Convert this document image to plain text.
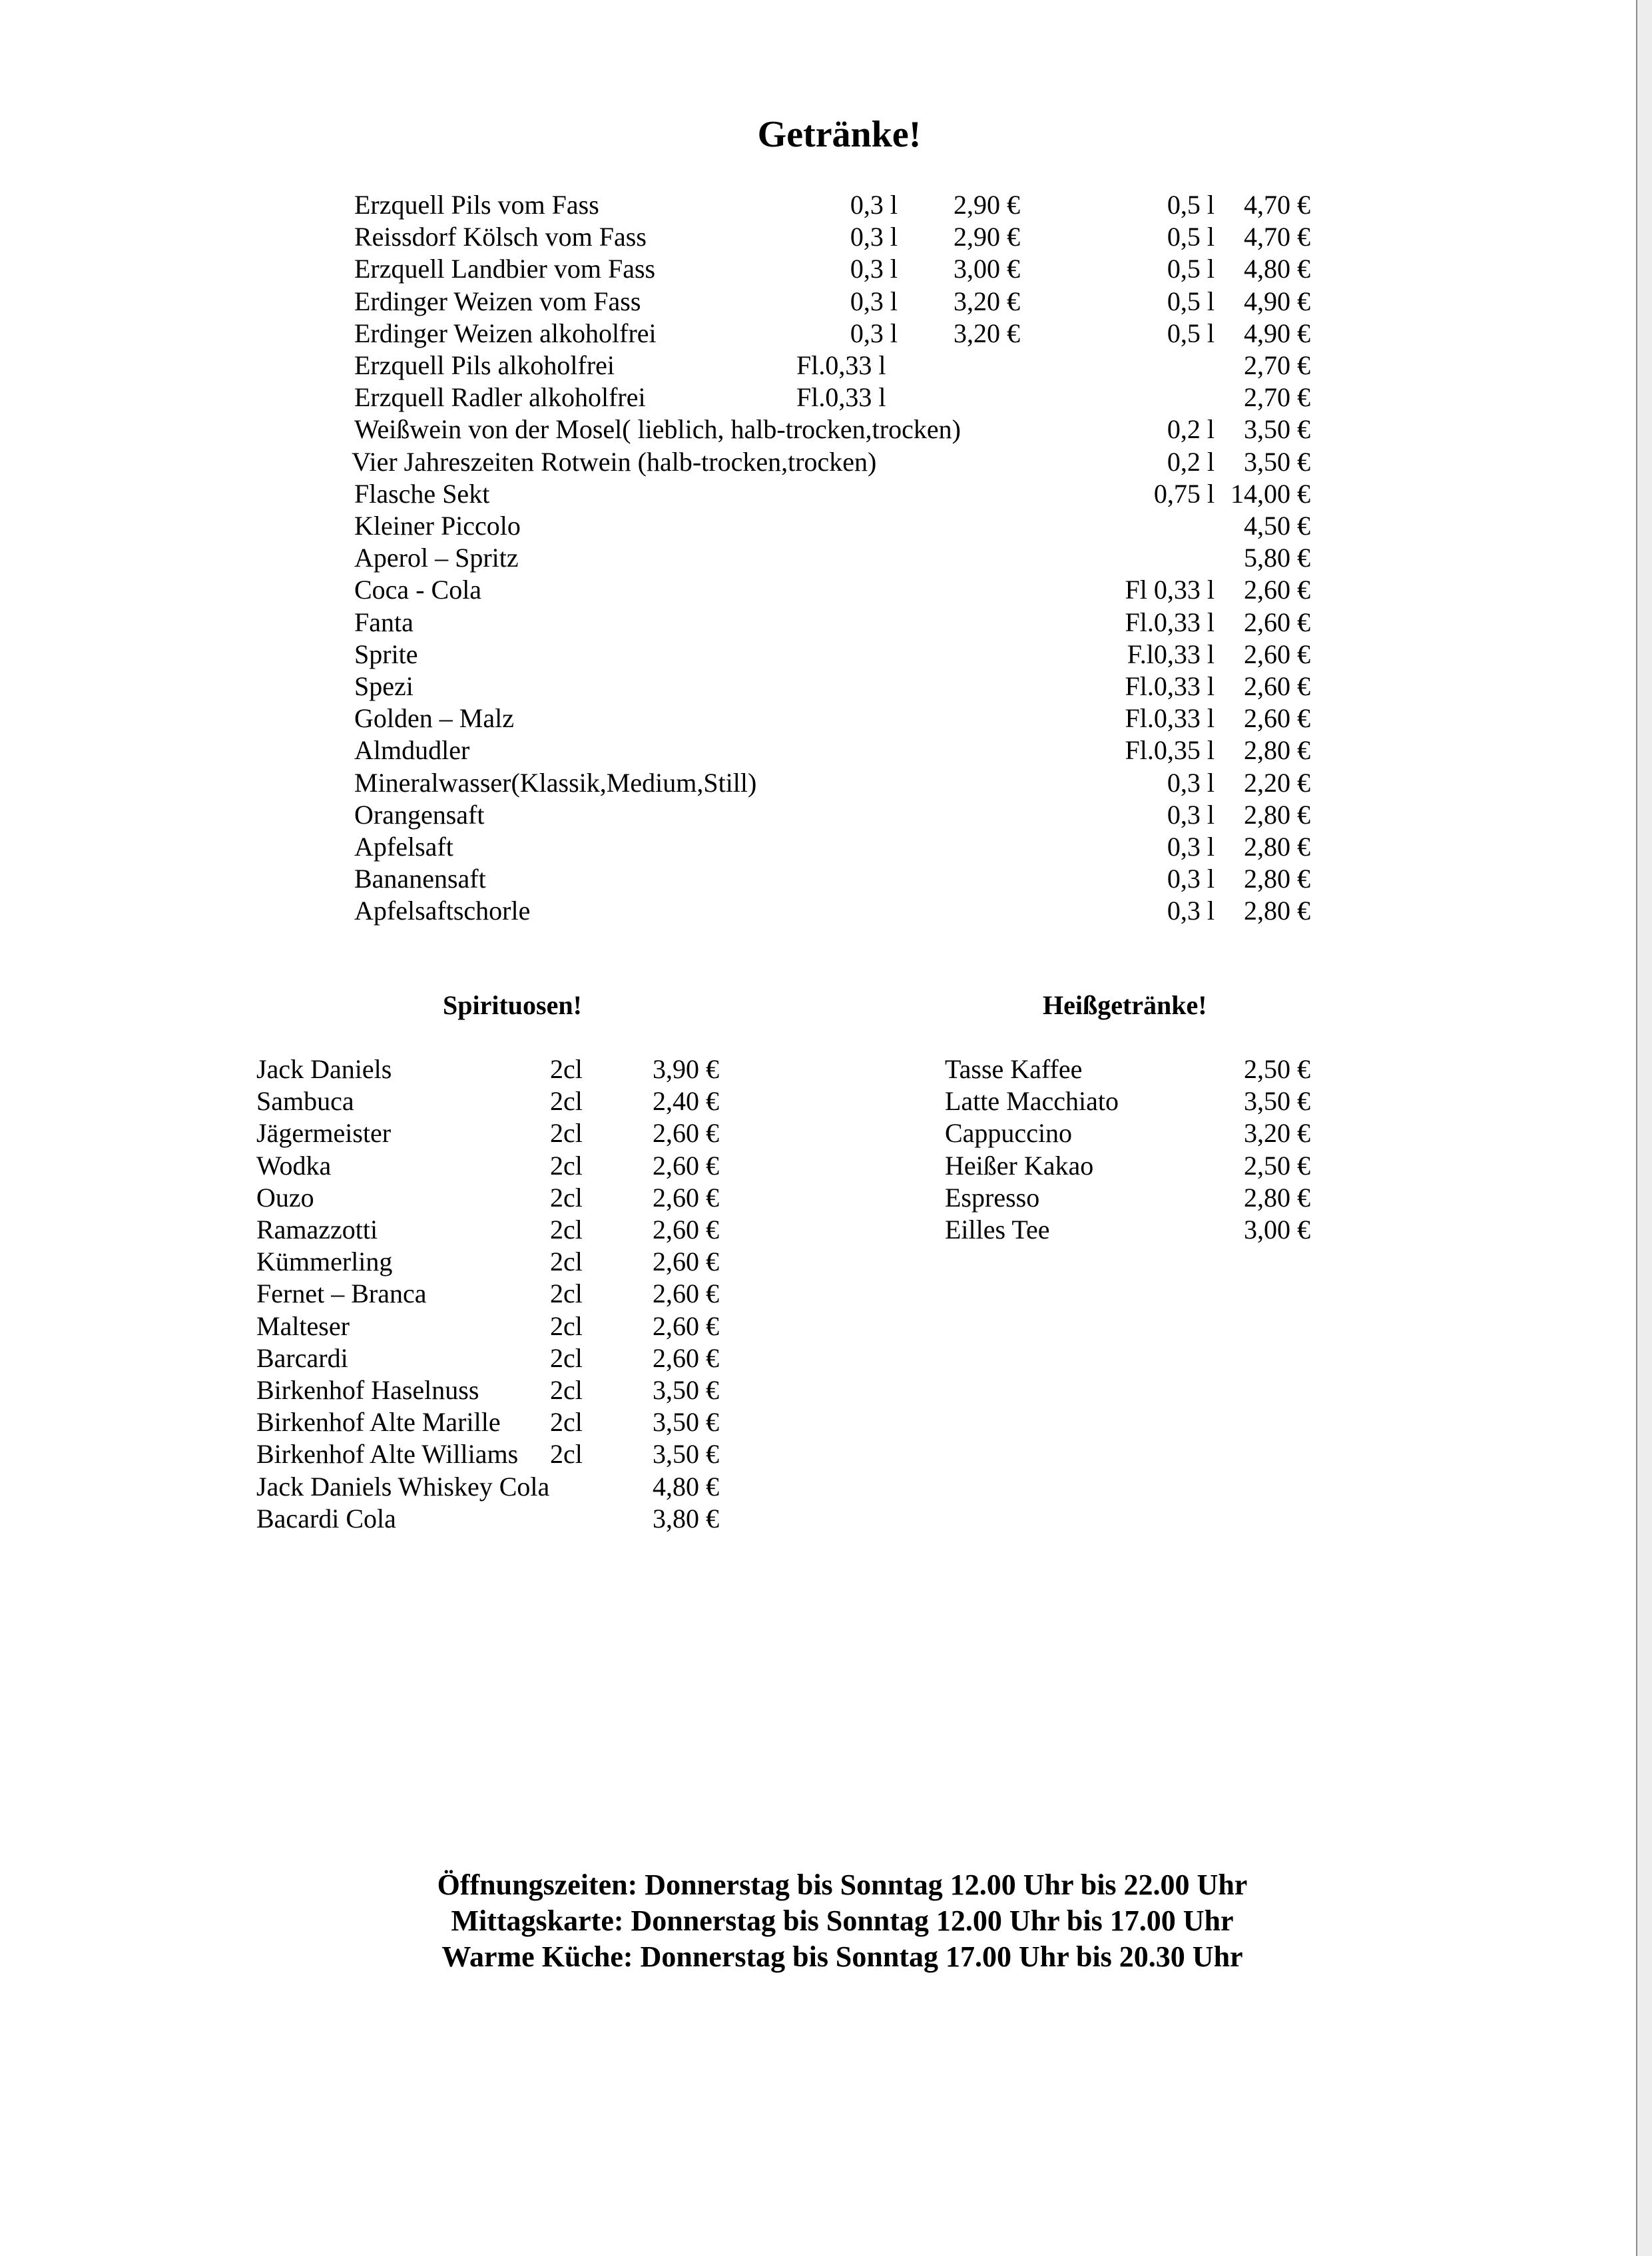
Getränke!
Erzquell Pils vom Fass	0,3 l	2,90 €	0,5 l	4,70 €
Reissdorf Kölsch vom Fass	0,3 l	2,90 €	0,5 l	4,70 €
Erzquell Landbier vom Fass	0,3 l	3,00 €	0,5 l	4,80 €
Erdinger Weizen vom Fass	0,3 l	3,20 €	0,5 l	4,90 €
Erdinger Weizen alkoholfrei	0,3 l	3,20 €	0,5 l	4,90 €
Erzquell Pils alkoholfrei	Fl.0,33 l	2,70 €
Erzquell Radler alkoholfrei	Fl.0,33 l	2,70 €
Weißwein von der Mosel( lieblich, halb-trocken,trocken)	0,2 l	3,50 €
Vier Jahreszeiten Rotwein (halb-trocken,trocken)	0,2 l	3,50 €
Flasche Sekt	0,75 l 14,00 €
Kleiner Piccolo	4,50 €
Aperol – Spritz	5,80 €
Coca - Cola	Fl 0,33 l	2,60 €
Fanta	Fl.0,33 l	2,60 €
Sprite	F.l0,33 l	2,60 €
Spezi	Fl.0,33 l	2,60 €
Golden – Malz	Fl.0,33 l	2,60 €
Almdudler	Fl.0,35 l	2,80 €
Mineralwasser(Klassik,Medium,Still)	0,3 l	2,20 €
Orangensaft	0,3 l	2,80 €
Apfelsaft	0,3 l	2,80 €
Bananensaft	0,3 l	2,80 €
Apfelsaftschorle	0,3 l	2,80 €
Spirituosen!
Jack Daniels	2cl	3,90 €
Sambuca	2cl	2,40 €
Jägermeister	2cl	2,60 €
Wodka	2cl	2,60 €
Ouzo	2cl	2,60 €
Ramazzotti	2cl	2,60 €
Kümmerling	2cl	2,60 €
Fernet – Branca	2cl	2,60 €
Malteser	2cl	2,60 €
Barcardi	2cl	2,60 €
Birkenhof Haselnuss	2cl	3,50 €
Birkenhof Alte Marille 2cl	3,50 €
Birkenhof Alte Williams 2cl	3,50 €
Jack Daniels Whiskey Cola	4,80 €
Bacardi Cola	3,80 €
Heißgetränke!
Tasse Kaffee	2,50 €
Latte Macchiato	3,50 €
Cappuccino	3,20 €
Heißer Kakao	2,50 €
Espresso	2,80 €
Eilles Tee	3,00 €
Öffnungszeiten: Donnerstag bis Sonntag 12.00 Uhr bis 22.00 Uhr
Mittagskarte: Donnerstag bis Sonntag 12.00 Uhr bis 17.00 Uhr
Warme Küche: Donnerstag bis Sonntag 17.00 Uhr bis 20.30 Uhr
